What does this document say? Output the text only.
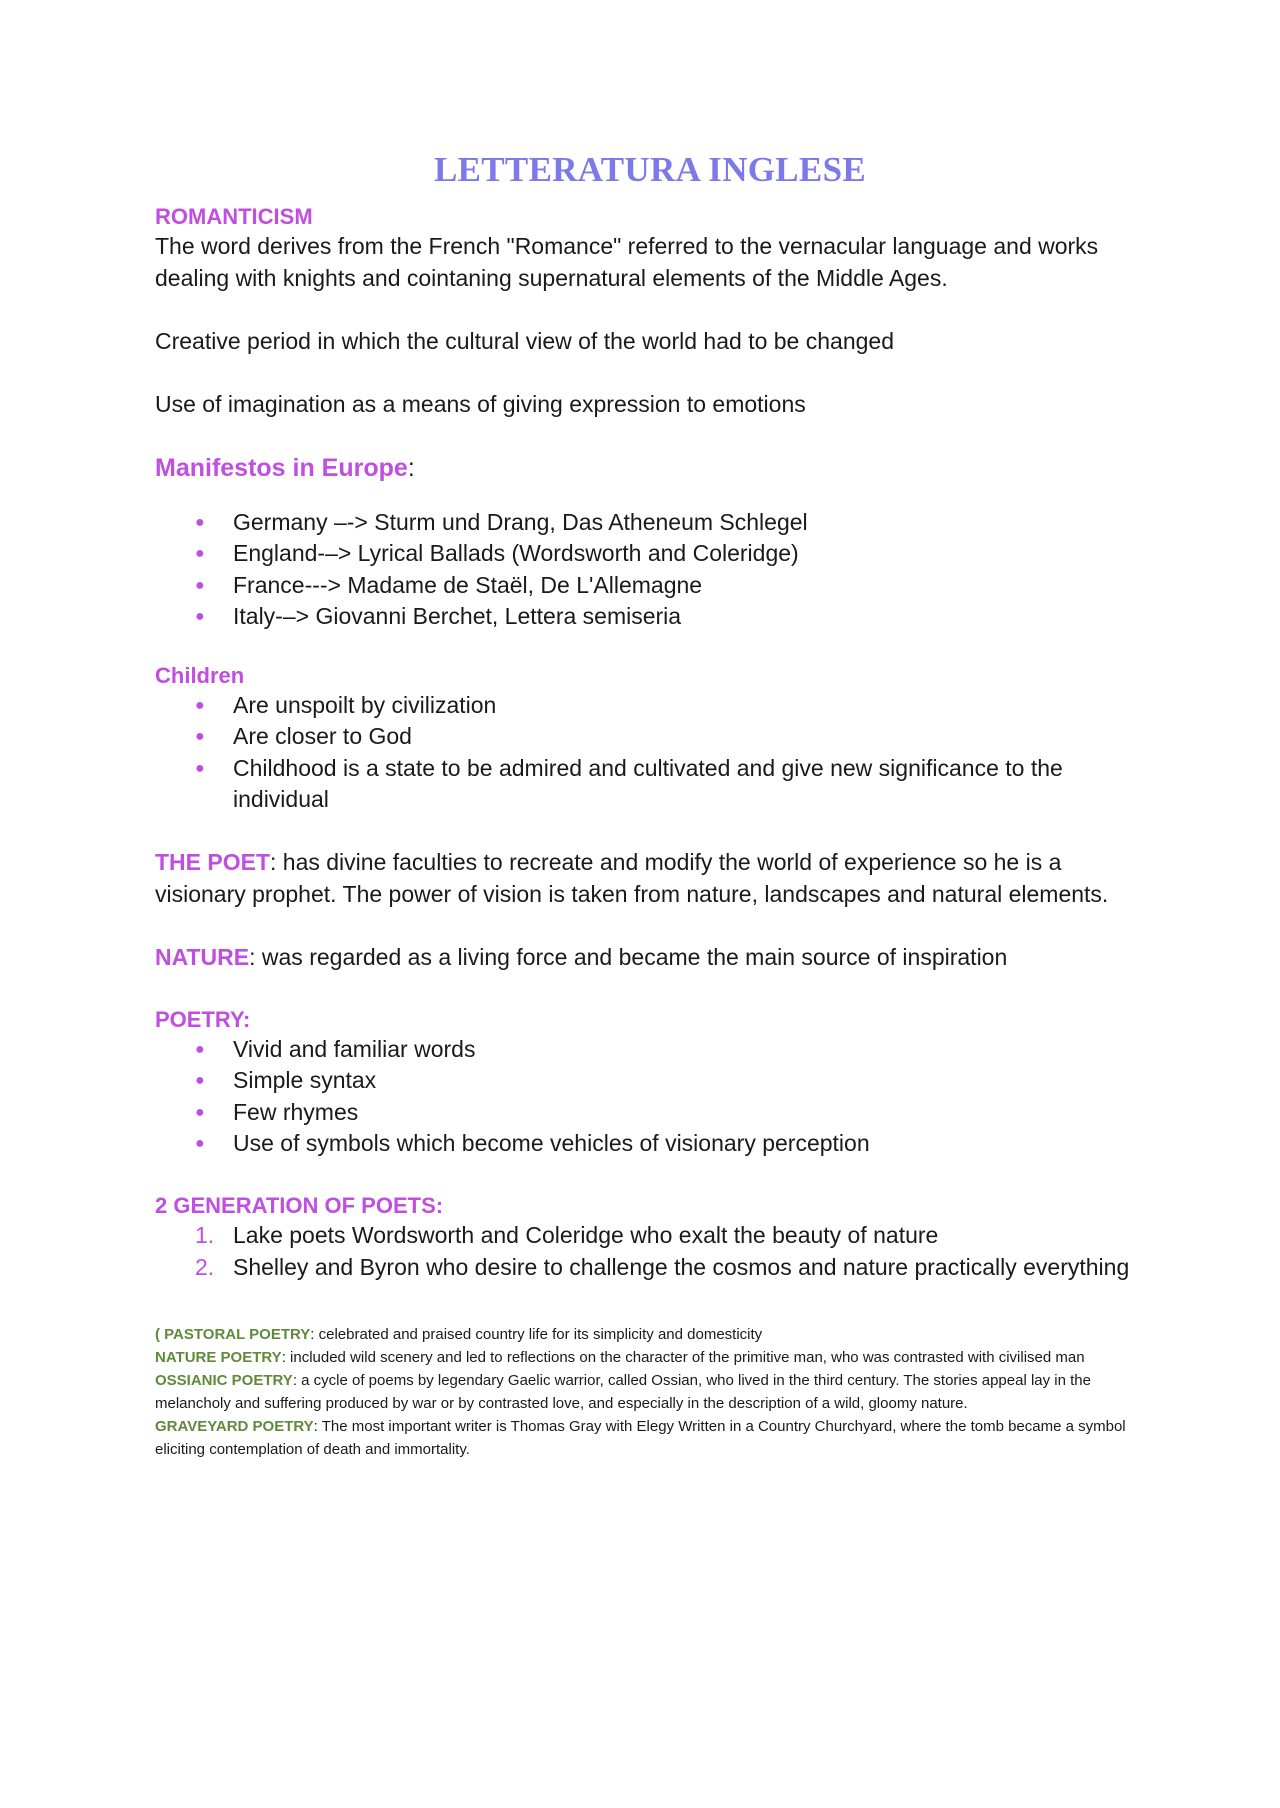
LETTERATURA INGLESE

ROMANTICISM

The word derives from the French "Romance" referred to the vernacular language and works dealing with knights and cointaning supernatural elements of the Middle Ages.

Creative period in which the cultural view of the world had to be changed

Use of imagination as a means of giving expression to emotions

Manifestos in Europe:

● Germany –-> Sturm und Drang, Das Atheneum Schlegel
● England-–> Lyrical Ballads (Wordsworth and Coleridge)
● France---> Madame de Staël, De L'Allemagne
● Italy-–> Giovanni Berchet, Lettera semiseria

Children

● Are unspoilt by civilization
● Are closer to God
● Childhood is a state to be admired and cultivated and give new significance to the individual

THE POET: has divine faculties to recreate and modify the world of experience so he is a visionary prophet. The power of vision is taken from nature, landscapes and natural elements.

NATURE: was regarded as a living force and became the main source of inspiration

POETRY:

● Vivid and familiar words
● Simple syntax
● Few rhymes
● Use of symbols which become vehicles of visionary perception

2 GENERATION OF POETS:

1. Lake poets Wordsworth and Coleridge who exalt the beauty of nature
2. Shelley and Byron who desire to challenge the cosmos and nature practically everything

( PASTORAL POETRY: celebrated and praised country life for its simplicity and domesticity

NATURE POETRY: included wild scenery and led to reflections on the character of the primitive man, who was contrasted with civilised man

OSSIANIC POETRY: a cycle of poems by legendary Gaelic warrior, called Ossian, who lived in the third century. The stories appeal lay in the melancholy and suffering produced by war or by contrasted love, and especially in the description of a wild, gloomy nature.

GRAVEYARD POETRY: The most important writer is Thomas Gray with Elegy Written in a Country Churchyard, where the tomb became a symbol eliciting contemplation of death and immortality.
